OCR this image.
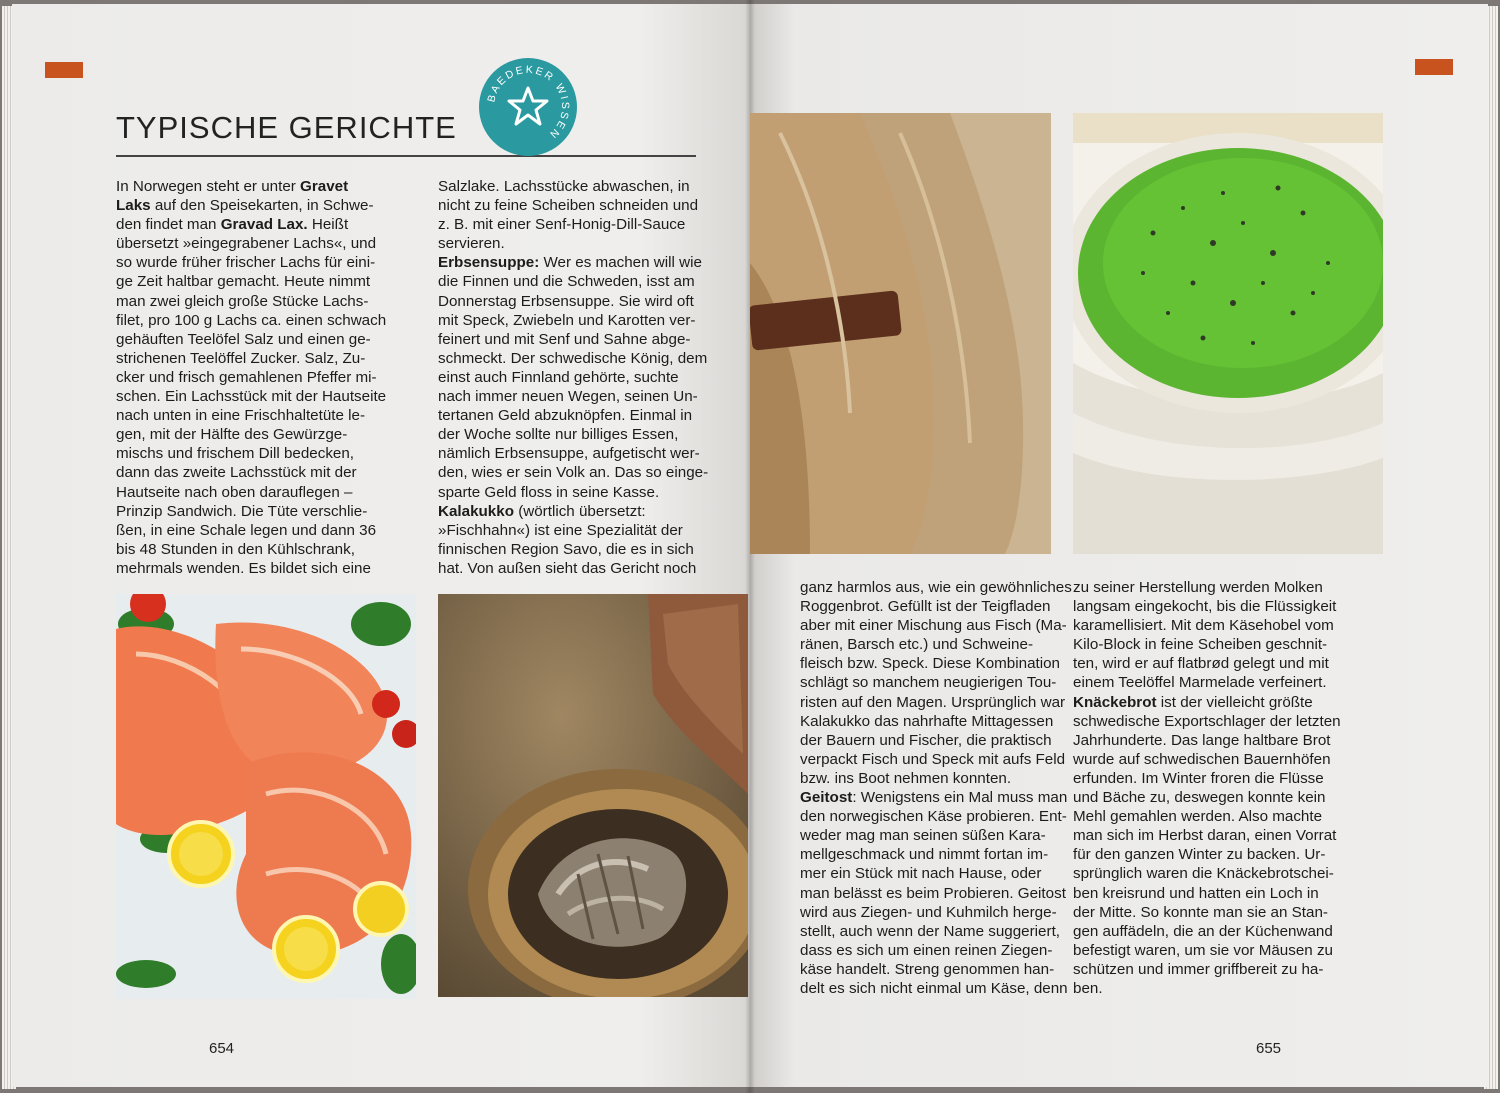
TYPISCHE GERICHTE
BAEDEKER WISSEN
In Norwegen steht er unter Gravet
Laks auf den Speisekarten, in Schwe-
den findet man Gravad Lax. Heißt
übersetzt »eingegrabener Lachs«, und
so wurde früher frischer Lachs für eini-
ge Zeit haltbar gemacht. Heute nimmt
man zwei gleich große Stücke Lachs-
filet, pro 100 g Lachs ca. einen schwach
gehäuften Teelöfel Salz und einen ge-
strichenen Teelöffel Zucker. Salz, Zu-
cker und frisch gemahlenen Pfeffer mi-
schen. Ein Lachsstück mit der Hautseite
nach unten in eine Frischhaltetüte le-
gen, mit der Hälfte des Gewürzge-
mischs und frischem Dill bedecken,
dann das zweite Lachsstück mit der
Hautseite nach oben darauflegen –
Prinzip Sandwich. Die Tüte verschlie-
ßen, in eine Schale legen und dann 36
bis 48 Stunden in den Kühlschrank,
mehrmals wenden. Es bildet sich eine
Salzlake. Lachsstücke abwaschen, in
nicht zu feine Scheiben schneiden und
z. B. mit einer Senf-Honig-Dill-Sauce
servieren.
Erbsensuppe: Wer es machen will wie
die Finnen und die Schweden, isst am
Donnerstag Erbsensuppe. Sie wird oft
mit Speck, Zwiebeln und Karotten ver-
feinert und mit Senf und Sahne abge-
schmeckt. Der schwedische König, dem
einst auch Finnland gehörte, suchte
nach immer neuen Wegen, seinen Un-
tertanen Geld abzuknöpfen. Einmal in
der Woche sollte nur billiges Essen,
nämlich Erbsensuppe, aufgetischt wer-
den, wies er sein Volk an. Das so einge-
sparte Geld floss in seine Kasse.
Kalakukko (wörtlich übersetzt:
»Fischhahn«) ist eine Spezialität der
finnischen Region Savo, die es in sich
hat. Von außen sieht das Gericht noch
ganz harmlos aus, wie ein gewöhnliches
Roggenbrot. Gefüllt ist der Teigfladen
aber mit einer Mischung aus Fisch (Ma-
ränen, Barsch etc.) und Schweine-
fleisch bzw. Speck. Diese Kombination
schlägt so manchem neugierigen Tou-
risten auf den Magen. Ursprünglich war
Kalakukko das nahrhafte Mittagessen
der Bauern und Fischer, die praktisch
verpackt Fisch und Speck mit aufs Feld
bzw. ins Boot nehmen konnten.
Geitost: Wenigstens ein Mal muss man
den norwegischen Käse probieren. Ent-
weder mag man seinen süßen Kara-
mellgeschmack und nimmt fortan im-
mer ein Stück mit nach Hause, oder
man belässt es beim Probieren. Geitost
wird aus Ziegen- und Kuhmilch herge-
stellt, auch wenn der Name suggeriert,
dass es sich um einen reinen Ziegen-
käse handelt. Streng genommen han-
delt es sich nicht einmal um Käse, denn
zu seiner Herstellung werden Molken
langsam eingekocht, bis die Flüssigkeit
karamellisiert. Mit dem Käsehobel vom
Kilo-Block in feine Scheiben geschnit-
ten, wird er auf flatbrød gelegt und mit
einem Teelöffel Marmelade verfeinert.
Knäckebrot ist der vielleicht größte
schwedische Exportschlager der letzten
Jahrhunderte. Das lange haltbare Brot
wurde auf schwedischen Bauernhöfen
erfunden. Im Winter froren die Flüsse
und Bäche zu, deswegen konnte kein
Mehl gemahlen werden. Also machte
man sich im Herbst daran, einen Vorrat
für den ganzen Winter zu backen. Ur-
sprünglich waren die Knäckebrotschei-
ben kreisrund und hatten ein Loch in
der Mitte. So konnte man sie an Stan-
gen auffädeln, die an der Küchenwand
befestigt waren, um sie vor Mäusen zu
schützen und immer griffbereit zu ha-
ben.
654	655
